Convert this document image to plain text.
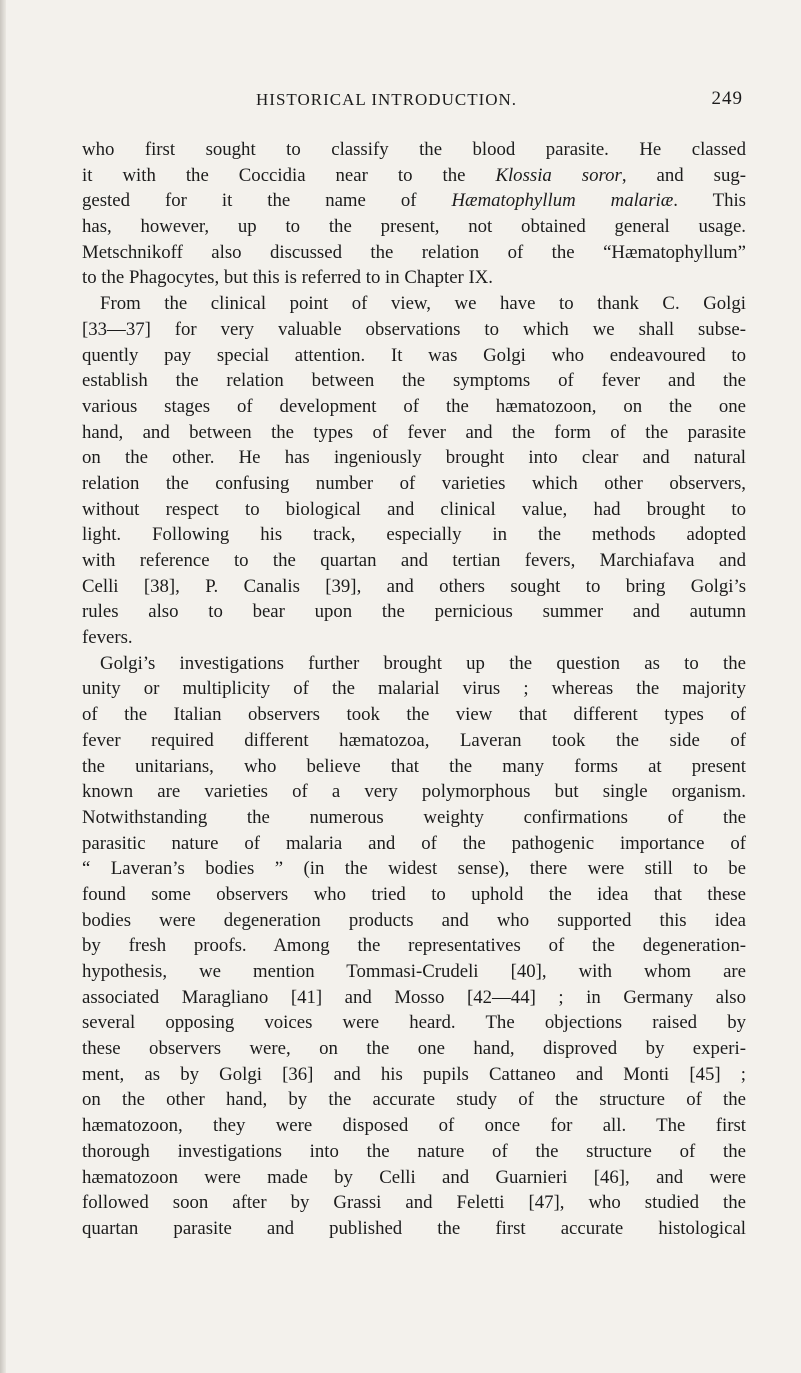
HISTORICAL INTRODUCTION.	249
who first sought to classify the blood parasite. He classed
it with the Coccidia near to the Klossia soror, and sug-
gested for it the name of Hæmatophyllum malariæ. This
has, however, up to the present, not obtained general usage.
Metschnikoff also discussed the relation of the “Hæmatophyllum”
to the Phagocytes, but this is referred to in Chapter IX.
From the clinical point of view, we have to thank C. Golgi
[33—37] for very valuable observations to which we shall subse-
quently pay special attention. It was Golgi who endeavoured to
establish the relation between the symptoms of fever and the
various stages of development of the hæmatozoon, on the one
hand, and between the types of fever and the form of the parasite
on the other. He has ingeniously brought into clear and natural
relation the confusing number of varieties which other observers,
without respect to biological and clinical value, had brought to
light. Following his track, especially in the methods adopted
with reference to the quartan and tertian fevers, Marchiafava and
Celli [38], P. Canalis [39], and others sought to bring Golgi’s
rules also to bear upon the pernicious summer and autumn
fevers.
Golgi’s investigations further brought up the question as to the
unity or multiplicity of the malarial virus ; whereas the majority
of the Italian observers took the view that different types of
fever required different hæmatozoa, Laveran took the side of
the unitarians, who believe that the many forms at present
known are varieties of a very polymorphous but single organism.
Notwithstanding the numerous weighty confirmations of the
parasitic nature of malaria and of the pathogenic importance of
“ Laveran’s bodies ” (in the widest sense), there were still to be
found some observers who tried to uphold the idea that these
bodies were degeneration products and who supported this idea
by fresh proofs. Among the representatives of the degeneration-
hypothesis, we mention Tommasi-Crudeli [40], with whom are
associated Maragliano [41] and Mosso [42—44] ; in Germany also
several opposing voices were heard. The objections raised by
these observers were, on the one hand, disproved by experi-
ment, as by Golgi [36] and his pupils Cattaneo and Monti [45] ;
on the other hand, by the accurate study of the structure of the
hæmatozoon, they were disposed of once for all. The first
thorough investigations into the nature of the structure of the
hæmatozoon were made by Celli and Guarnieri [46], and were
followed soon after by Grassi and Feletti [47], who studied the
quartan parasite and published the first accurate histological
